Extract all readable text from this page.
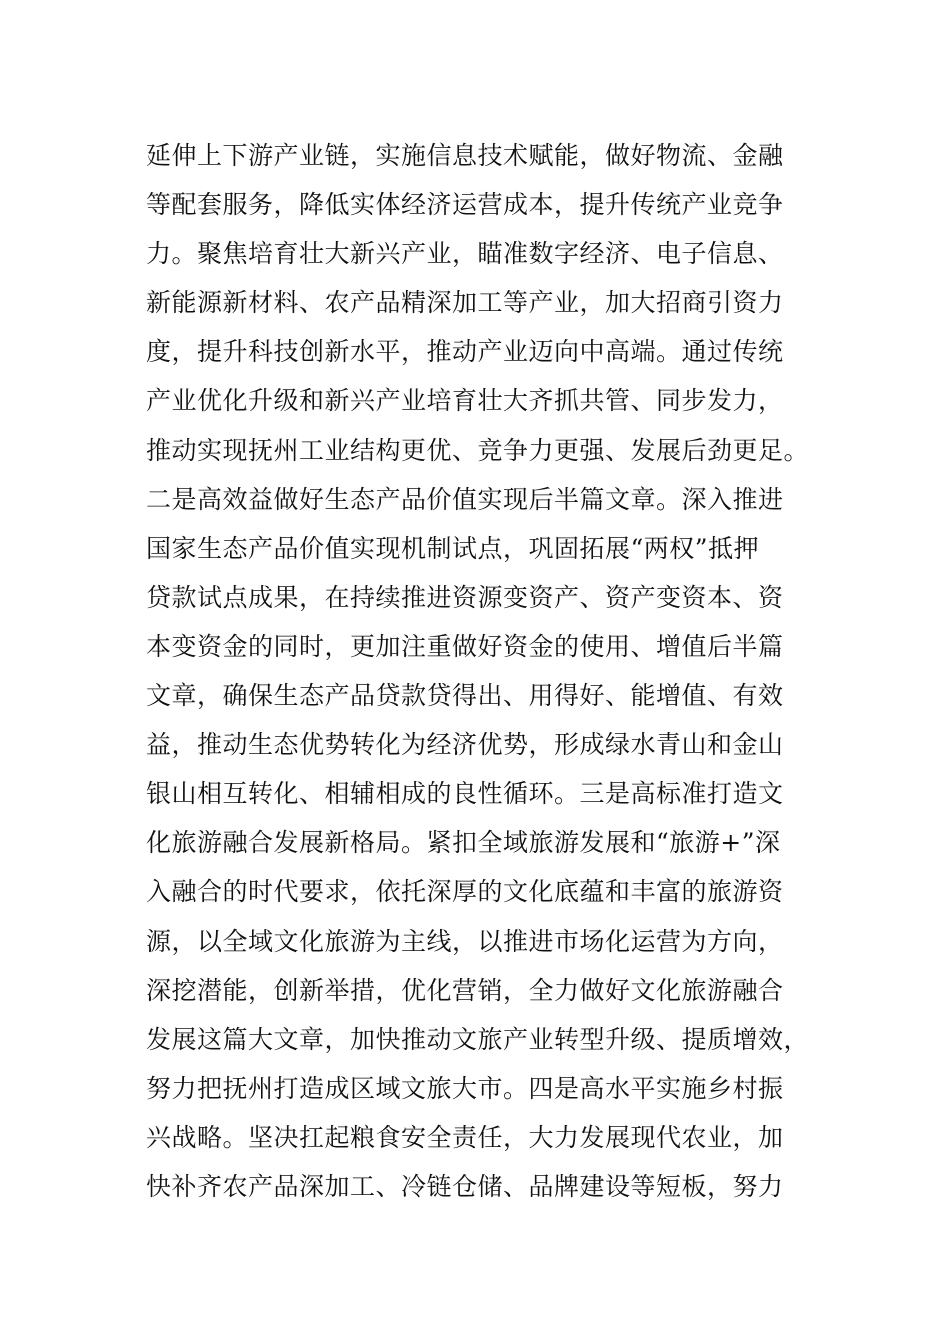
延伸上下游产业链，实施信息技术赋能，做好物流、金融
等配套服务，降低实体经济运营成本，提升传统产业竞争
力。聚焦培育壮大新兴产业，瞄准数字经济、电子信息、
新能源新材料、农产品精深加工等产业，加大招商引资力
度，提升科技创新水平，推动产业迈向中高端。通过传统
产业优化升级和新兴产业培育壮大齐抓共管、同步发力，
推动实现抚州工业结构更优、竞争力更强、发展后劲更足。
二是高效益做好生态产品价值实现后半篇文章。深入推进
国家生态产品价值实现机制试点，巩固拓展“两权”抵押
贷款试点成果，在持续推进资源变资产、资产变资本、资
本变资金的同时，更加注重做好资金的使用、增值后半篇
文章，确保生态产品贷款贷得出、用得好、能增值、有效
益，推动生态优势转化为经济优势，形成绿水青山和金山
银山相互转化、相辅相成的良性循环。三是高标准打造文
化旅游融合发展新格局。紧扣全域旅游发展和“旅游+”深
入融合的时代要求，依托深厚的文化底蕴和丰富的旅游资
源，以全域文化旅游为主线，以推进市场化运营为方向，
深挖潜能，创新举措，优化营销，全力做好文化旅游融合
发展这篇大文章，加快推动文旅产业转型升级、提质增效，
努力把抚州打造成区域文旅大市。四是高水平实施乡村振
兴战略。坚决扛起粮食安全责任，大力发展现代农业，加
快补齐农产品深加工、冷链仓储、品牌建设等短板，努力
